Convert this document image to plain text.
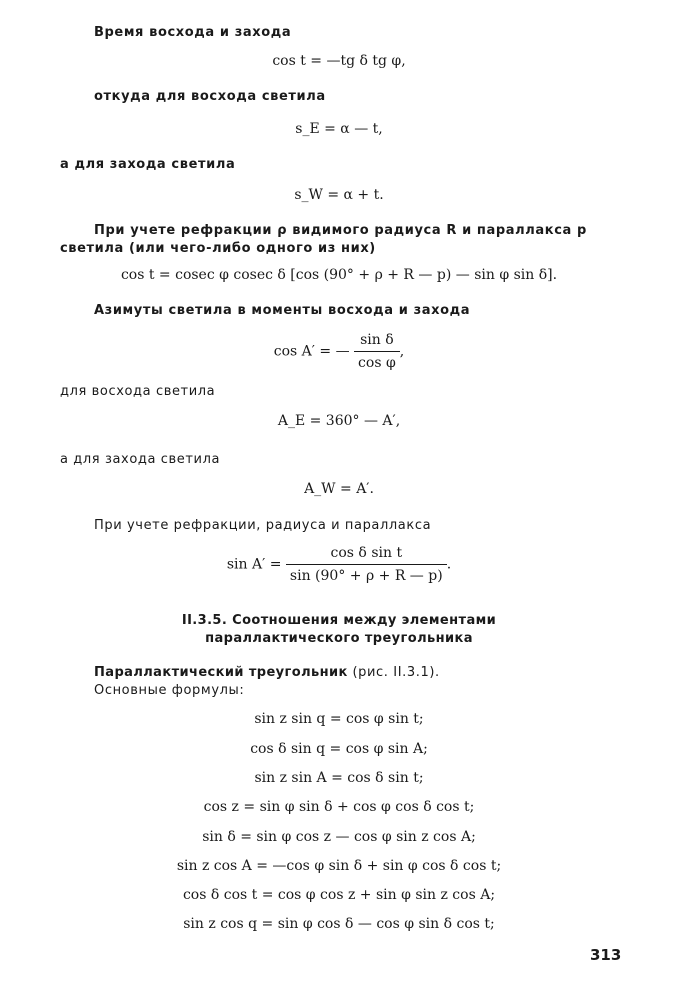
Время восхода и захода
cos t = —tg δ tg φ,
откуда для восхода светила
s_E = α — t,
а для захода светила
s_W = α + t.
При учете рефракции ρ видимого радиуса R и параллакса p
светила (или чего-либо одного из них)
cos t = cosec φ cosec δ [cos (90° + ρ + R — p) — sin φ sin δ].
Азимуты светила в моменты восхода и захода
cos A′ = — $\frac{\text{sin δ}}{\text{cos φ}}$ ,
для восхода светила
A_E = 360° — A′,
а для захода светила
A_W = A′.
При учете рефракции, радиуса и параллакса
$\sin A' = \frac{\text{cos δ sin t}}{\sin (90^\circ + \rho + R — p)}$ .
II.3.5. Соотношения между элементами
параллактического треугольника
Параллактический треугольник (рис. II.3.1).
Основные формулы:
sin z sin q = cos φ sin t;
cos δ sin q = cos φ sin A;
sin z sin A = cos δ sin t;
cos z = sin φ sin δ + cos φ cos δ cos t;
sin δ = sin φ cos z — cos φ sin z cos A;
sin z cos A = —cos φ sin δ + sin φ cos δ cos t;
cos δ cos t = cos φ cos z + sin φ sin z cos A;
sin z cos q = sin φ cos δ — cos φ sin δ cos t;
313
